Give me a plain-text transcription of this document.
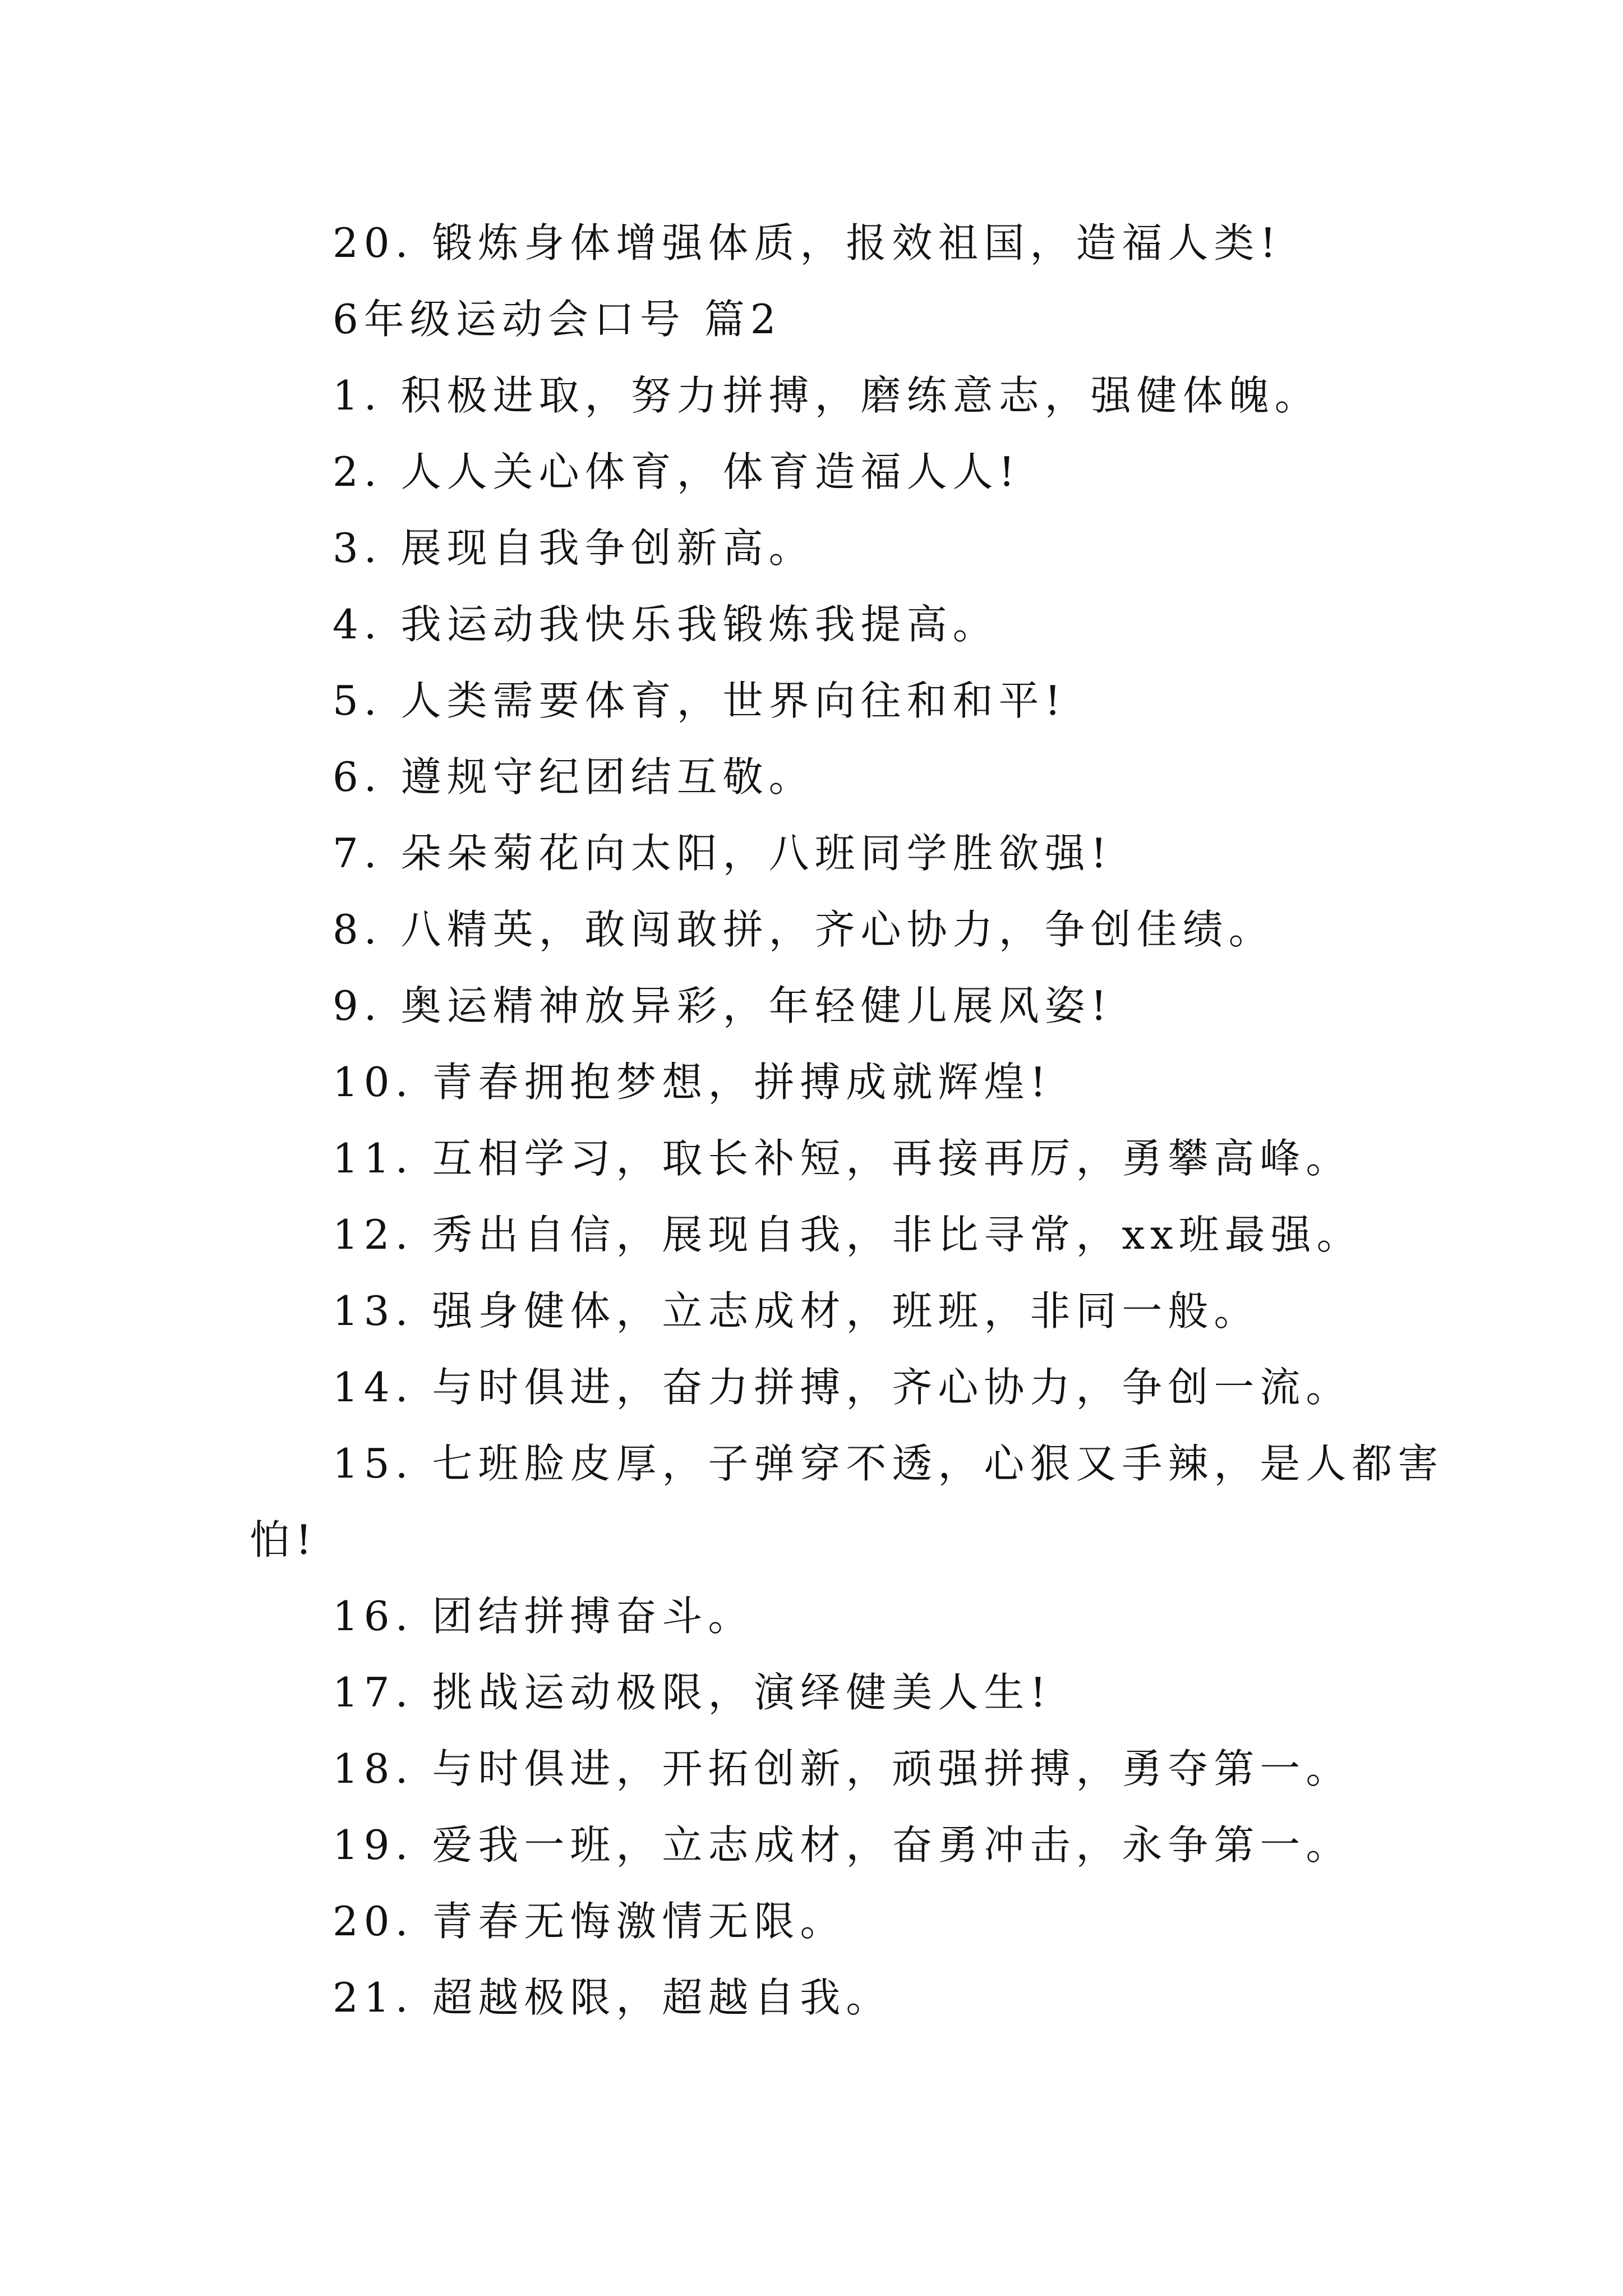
20. 锻炼身体增强体质，报效祖国，造福人类!
6年级运动会口号 篇2
1. 积极进取，努力拼搏，磨练意志，强健体魄。
2. 人人关心体育，体育造福人人!
3. 展现自我争创新高。
4. 我运动我快乐我锻炼我提高。
5. 人类需要体育，世界向往和和平!
6. 遵规守纪团结互敬。
7. 朵朵菊花向太阳，八班同学胜欲强!
8. 八精英，敢闯敢拼，齐心协力，争创佳绩。
9. 奥运精神放异彩，年轻健儿展风姿!
10. 青春拥抱梦想，拼搏成就辉煌!
11. 互相学习，取长补短，再接再厉，勇攀高峰。
12. 秀出自信，展现自我，非比寻常，xx班最强。
13. 强身健体，立志成材，班班，非同一般。
14. 与时俱进，奋力拼搏，齐心协力，争创一流。
15. 七班脸皮厚，子弹穿不透，心狠又手辣，是人都害
怕!
16. 团结拼搏奋斗。
17. 挑战运动极限，演绎健美人生!
18. 与时俱进，开拓创新，顽强拼搏，勇夺第一。
19. 爱我一班，立志成材，奋勇冲击，永争第一。
20. 青春无悔激情无限。
21. 超越极限，超越自我。
